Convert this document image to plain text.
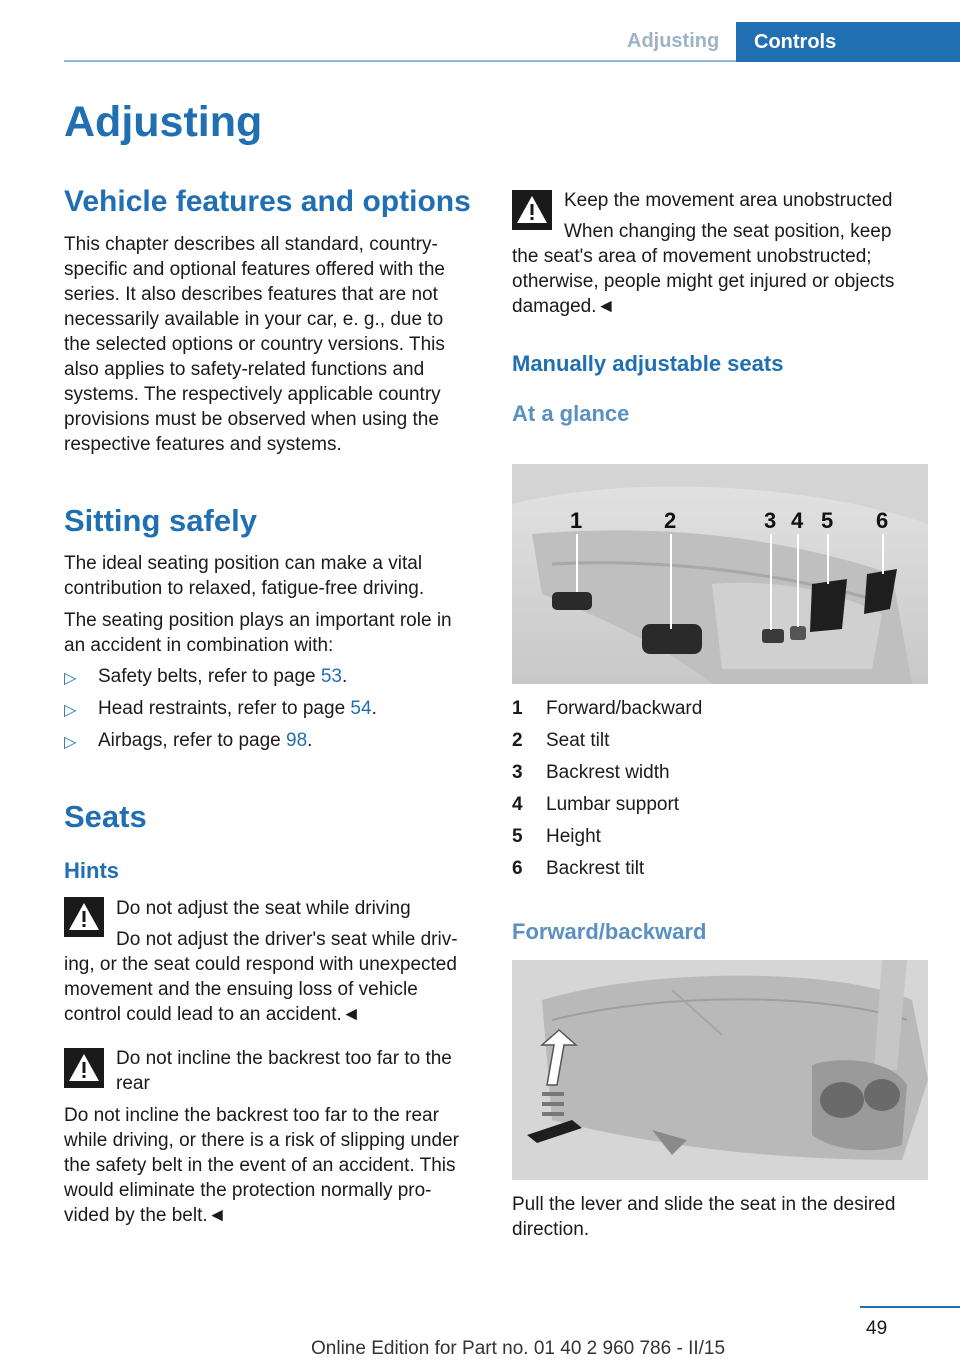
Adjusting Controls
Adjusting
Vehicle features and options
This chapter describes all standard, country-
specific and optional features offered with the
series. It also describes features that are not
necessarily available in your car, e. g., due to
the selected options or country versions. This
also applies to safety-related functions and
systems. The respectively applicable country
provisions must be observed when using the
respective features and systems.
Sitting safely
The ideal seating position can make a vital
contribution to relaxed, fatigue-free driving.
The seating position plays an important role in
an accident in combination with:
▷ Safety belts, refer to page 53.
▷ Head restraints, refer to page 54.
▷ Airbags, refer to page 98.
Seats
Hints
Do not adjust the seat while driving
Do not adjust the driver's seat while driv-
ing, or the seat could respond with unexpected
movement and the ensuing loss of vehicle
control could lead to an accident.◄
Do not incline the backrest too far to the
rear
Do not incline the backrest too far to the rear
while driving, or there is a risk of slipping under
the safety belt in the event of an accident. This
would eliminate the protection normally pro-
vided by the belt.◄
Keep the movement area unobstructed
When changing the seat position, keep
the seat's area of movement unobstructed;
otherwise, people might get injured or objects
damaged.◄
Manually adjustable seats
At a glance
1	2	3 4 5 6
1 Forward/backward
2 Seat tilt
3 Backrest width
4 Lumbar support
5 Height
6 Backrest tilt
Forward/backward
Pull the lever and slide the seat in the desired
direction.
49
Online Edition for Part no. 01 40 2 960 786 - II/15
